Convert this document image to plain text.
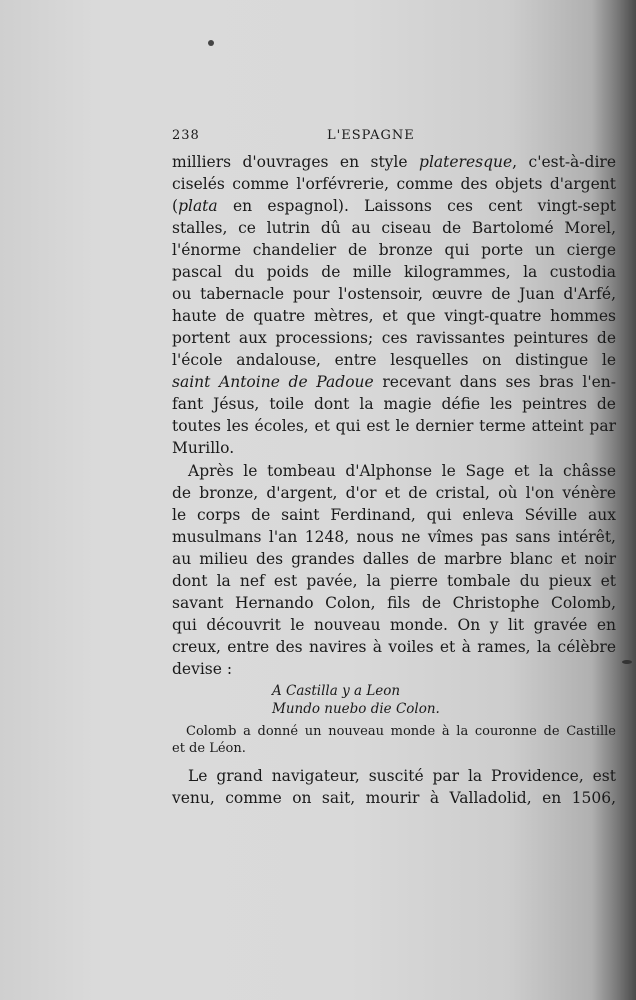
238	L'ESPAGNE
milliers d'ouvrages en style plateresque, c'est-à-dire
ciselés comme l'orfévrerie, comme des objets d'argent
(plata en espagnol). Laissons ces cent vingt-sept
stalles, ce lutrin dû au ciseau de Bartolomé Morel,
l'énorme chandelier de bronze qui porte un cierge
pascal du poids de mille kilogrammes, la custodia
ou tabernacle pour l'ostensoir, œuvre de Juan d'Arfé,
haute de quatre mètres, et que vingt-quatre hommes
portent aux processions; ces ravissantes peintures de
l'école andalouse, entre lesquelles on distingue le
saint Antoine de Padoue recevant dans ses bras l'en-
fant Jésus, toile dont la magie défie les peintres de
toutes les écoles, et qui est le dernier terme atteint par
Murillo.
Après le tombeau d'Alphonse le Sage et la châsse
de bronze, d'argent, d'or et de cristal, où l'on vénère
le corps de saint Ferdinand, qui enleva Séville aux
musulmans l'an 1248, nous ne vîmes pas sans intérêt,
au milieu des grandes dalles de marbre blanc et noir
dont la nef est pavée, la pierre tombale du pieux et
savant Hernando Colon, fils de Christophe Colomb,
qui découvrit le nouveau monde. On y lit gravée en
creux, entre des navires à voiles et à rames, la célèbre
devise :
A Castilla y a Leon
Mundo nuebo die Colon.
Colomb a donné un nouveau monde à la couronne de Castille
et de Léon.
Le grand navigateur, suscité par la Providence, est
venu, comme on sait, mourir à Valladolid, en 1506,
